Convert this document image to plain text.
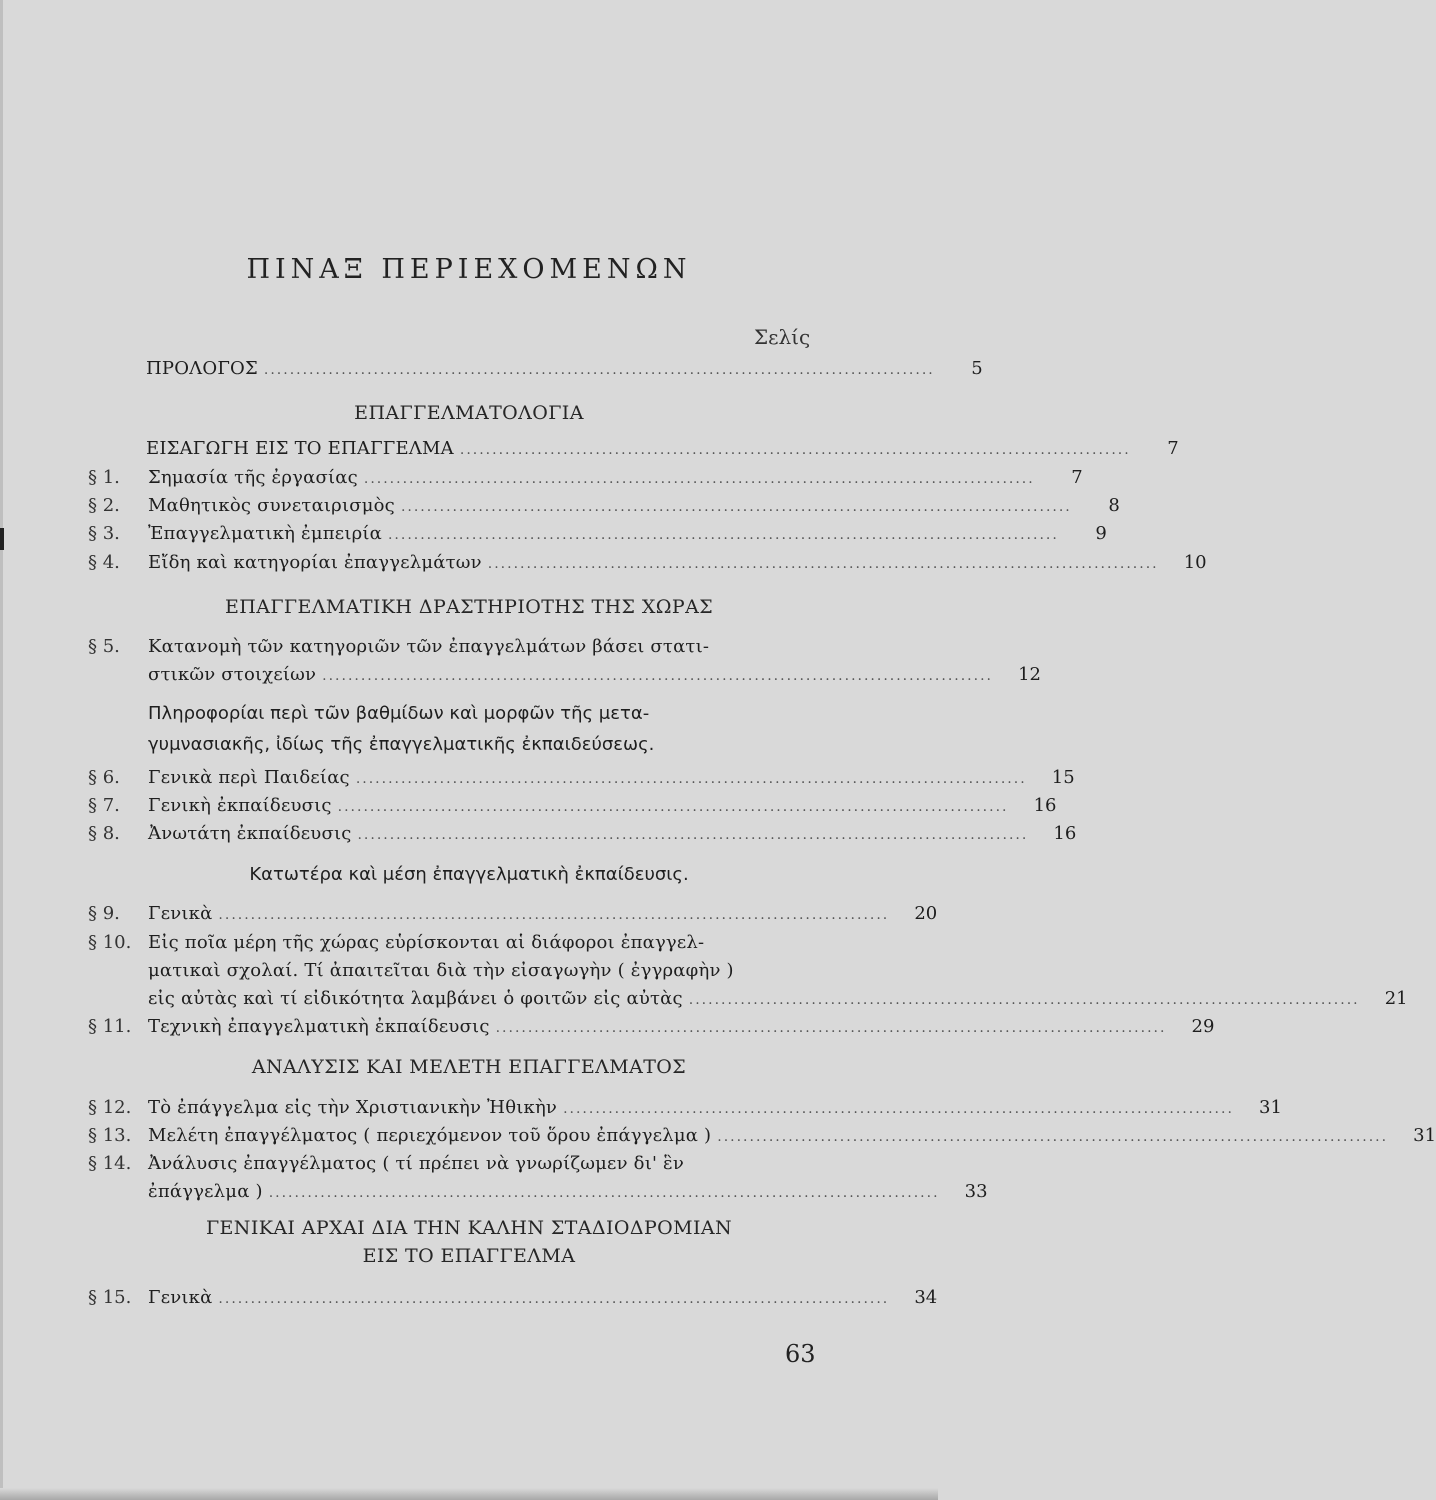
ΠΙΝΑΞ ΠΕΡΙΕΧΟΜΕΝΩΝ
Σελίς
ΠΡΟΛΟΓΟΣ ........................................................................................................	5
ΕΠΑΓΓΕΛΜΑΤΟΛΟΓΙΑ
ΕΙΣΑΓΩΓΗ ΕΙΣ ΤΟ ΕΠΑΓΓΕΛΜΑ ........................................................................................................	7
§ 1.	Σημασία τῆς ἐργασίας ........................................................................................................	7
§ 2.	Μαθητικὸς συνεταιρισμὸς ........................................................................................................	8
§ 3.	Ἐπαγγελματικὴ ἐμπειρία ........................................................................................................	9
§ 4.	Εἴδη καὶ κατηγορίαι ἐπαγγελμάτων ........................................................................................................	10
ΕΠΑΓΓΕΛΜΑΤΙΚΗ ΔΡΑΣΤΗΡΙΟΤΗΣ ΤΗΣ ΧΩΡΑΣ
§ 5.	Κατανομὴ τῶν κατηγοριῶν τῶν ἐπαγγελμάτων βάσει στατι-
στικῶν στοιχείων ........................................................................................................	12
Πληροφορίαι περὶ τῶν βαθμίδων καὶ μορφῶν τῆς μετα-
γυμνασιακῆς, ἰδίως τῆς ἐπαγγελματικῆς ἐκπαιδεύσεως.
§ 6.	Γενικὰ περὶ Παιδείας ........................................................................................................	15
§ 7.	Γενικὴ ἐκπαίδευσις ........................................................................................................	16
§ 8.	Ἀνωτάτη ἐκπαίδευσις ........................................................................................................	16
Κατωτέρα καὶ μέση ἐπαγγελματικὴ ἐκπαίδευσις.
§ 9.	Γενικὰ ........................................................................................................	20
§ 10. Εἰς ποῖα μέρη τῆς χώρας εὑρίσκονται αἱ διάφοροι ἐπαγγελ-
ματικαὶ σχολαί. Τί ἀπαιτεῖται διὰ τὴν εἰσαγωγὴν ( ἐγγραφὴν )
εἰς αὐτὰς καὶ τί εἰδικότητα λαμβάνει ὁ φοιτῶν εἰς αὐτὰς ........................................................................................................	21
§ 11. Τεχνικὴ ἐπαγγελματικὴ ἐκπαίδευσις ........................................................................................................	29
ΑΝΑΛΥΣΙΣ ΚΑΙ ΜΕΛΕΤΗ ΕΠΑΓΓΕΛΜΑΤΟΣ
§ 12. Τὸ ἐπάγγελμα εἰς τὴν Χριστιανικὴν Ἠθικὴν ........................................................................................................	31
§ 13. Μελέτη ἐπαγγέλματος ( περιεχόμενον τοῦ ὅρου ἐπάγγελμα ) ........................................................................................................	31
§ 14. Ἀνάλυσις ἐπαγγέλματος ( τί πρέπει νὰ γνωρίζωμεν δι' ἓν
ἐπάγγελμα ) ........................................................................................................	33
ΓΕΝΙΚΑΙ ΑΡΧΑΙ ΔΙΑ ΤΗΝ ΚΑΛΗΝ ΣΤΑΔΙΟΔΡΟΜΙΑΝ
ΕΙΣ ΤΟ ΕΠΑΓΓΕΛΜΑ
§ 15. Γενικὰ ........................................................................................................	34
63
